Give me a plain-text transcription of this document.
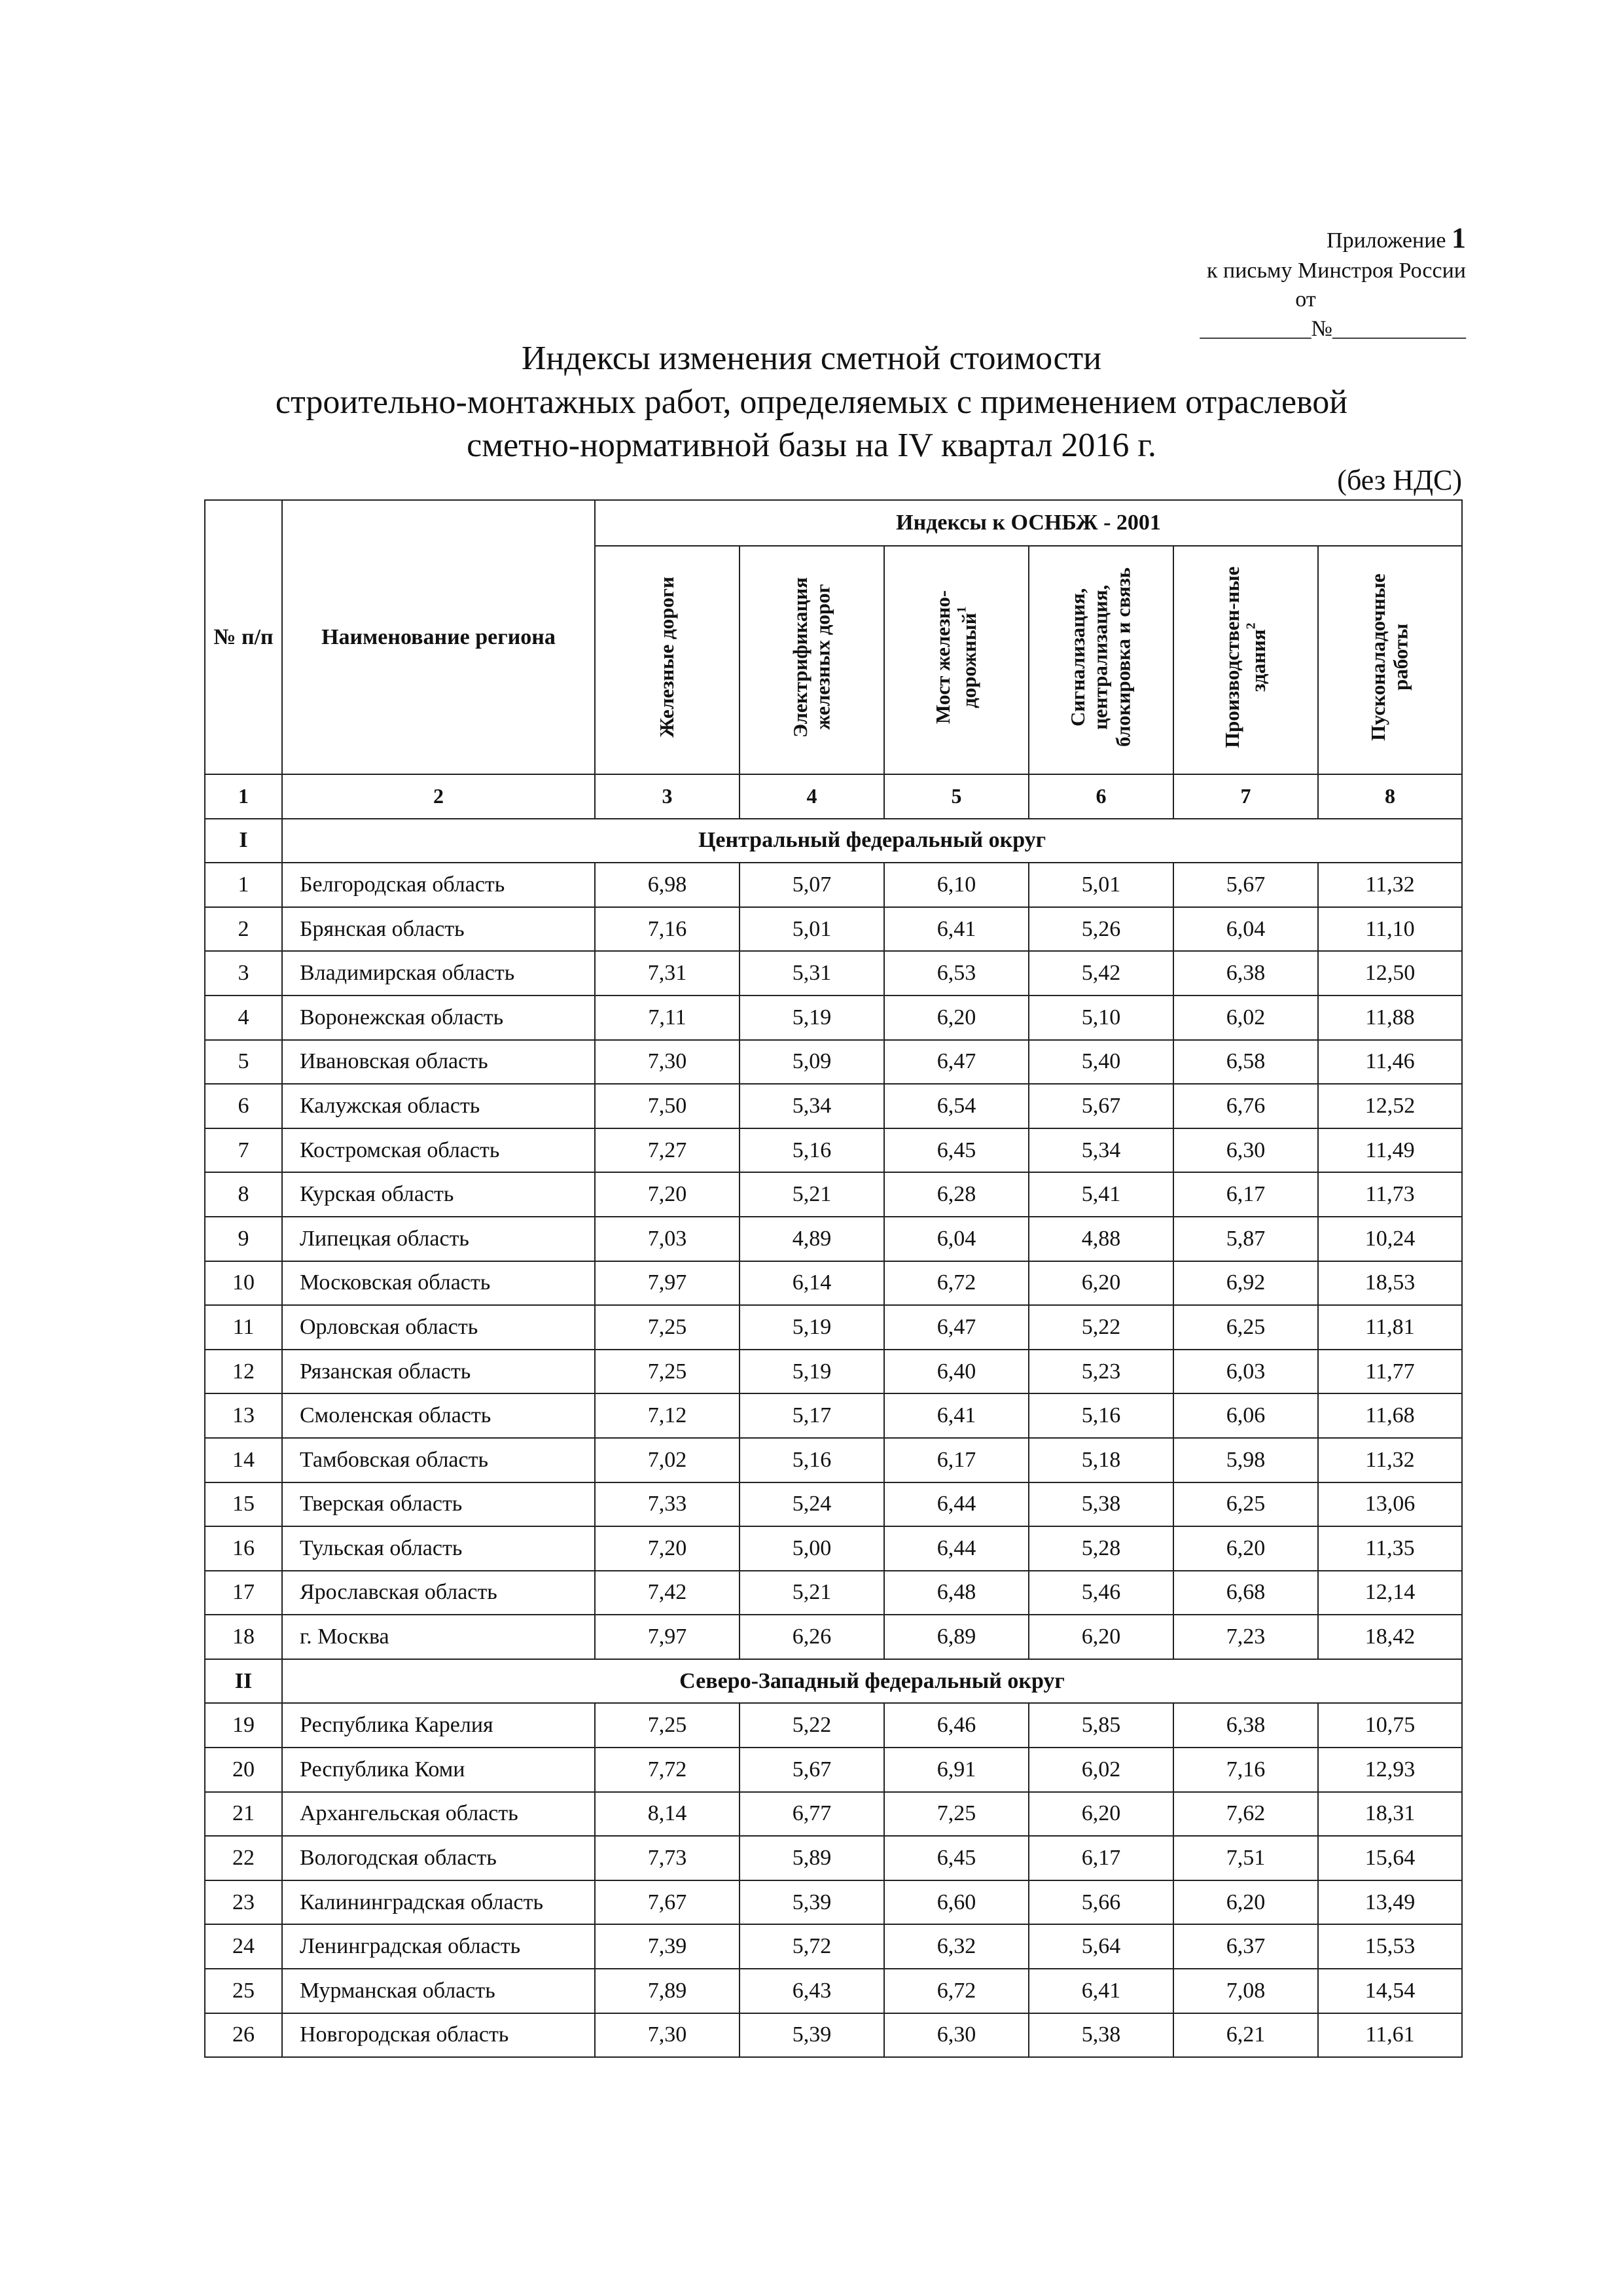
Приложение 1
к письму Минстроя России
от
__________№____________
Индексы изменения сметной стоимости
строительно-монтажных работ, определяемых с применением отраслевой
сметно-нормативной базы на IV квартал 2016 г.
(без НДС)
№ п/п	Наименование региона	Индексы к ОСНБЖ - 2001					
		Железные дороги	Электрификация железных дорог	Мост железно-дорожный$^1$	Сигнализация, централизация, блокировка и связь	Производствен-ные здания$^2$	Пусконаладочные работы
1	2	3	4	5	6	7	8
I	Центральный федеральный округ						
1	Белгородская область	6,98	5,07	6,10	5,01	5,67	11,32
2	Брянская область	7,16	5,01	6,41	5,26	6,04	11,10
3	Владимирская область	7,31	5,31	6,53	5,42	6,38	12,50
4	Воронежская область	7,11	5,19	6,20	5,10	6,02	11,88
5	Ивановская область	7,30	5,09	6,47	5,40	6,58	11,46
6	Калужская область	7,50	5,34	6,54	5,67	6,76	12,52
7	Костромская область	7,27	5,16	6,45	5,34	6,30	11,49
8	Курская область	7,20	5,21	6,28	5,41	6,17	11,73
9	Липецкая область	7,03	4,89	6,04	4,88	5,87	10,24
10	Московская область	7,97	6,14	6,72	6,20	6,92	18,53
11	Орловская область	7,25	5,19	6,47	5,22	6,25	11,81
12	Рязанская область	7,25	5,19	6,40	5,23	6,03	11,77
13	Смоленская область	7,12	5,17	6,41	5,16	6,06	11,68
14	Тамбовская область	7,02	5,16	6,17	5,18	5,98	11,32
15	Тверская область	7,33	5,24	6,44	5,38	6,25	13,06
16	Тульская область	7,20	5,00	6,44	5,28	6,20	11,35
17	Ярославская область	7,42	5,21	6,48	5,46	6,68	12,14
18	г. Москва	7,97	6,26	6,89	6,20	7,23	18,42
II	Северо-Западный федеральный округ						
19	Республика Карелия	7,25	5,22	6,46	5,85	6,38	10,75
20	Республика Коми	7,72	5,67	6,91	6,02	7,16	12,93
21	Архангельская область	8,14	6,77	7,25	6,20	7,62	18,31
22	Вологодская область	7,73	5,89	6,45	6,17	7,51	15,64
23	Калининградская область	7,67	5,39	6,60	5,66	6,20	13,49
24	Ленинградская область	7,39	5,72	6,32	5,64	6,37	15,53
25	Мурманская область	7,89	6,43	6,72	6,41	7,08	14,54
26	Новгородская область	7,30	5,39	6,30	5,38	6,21	11,61
